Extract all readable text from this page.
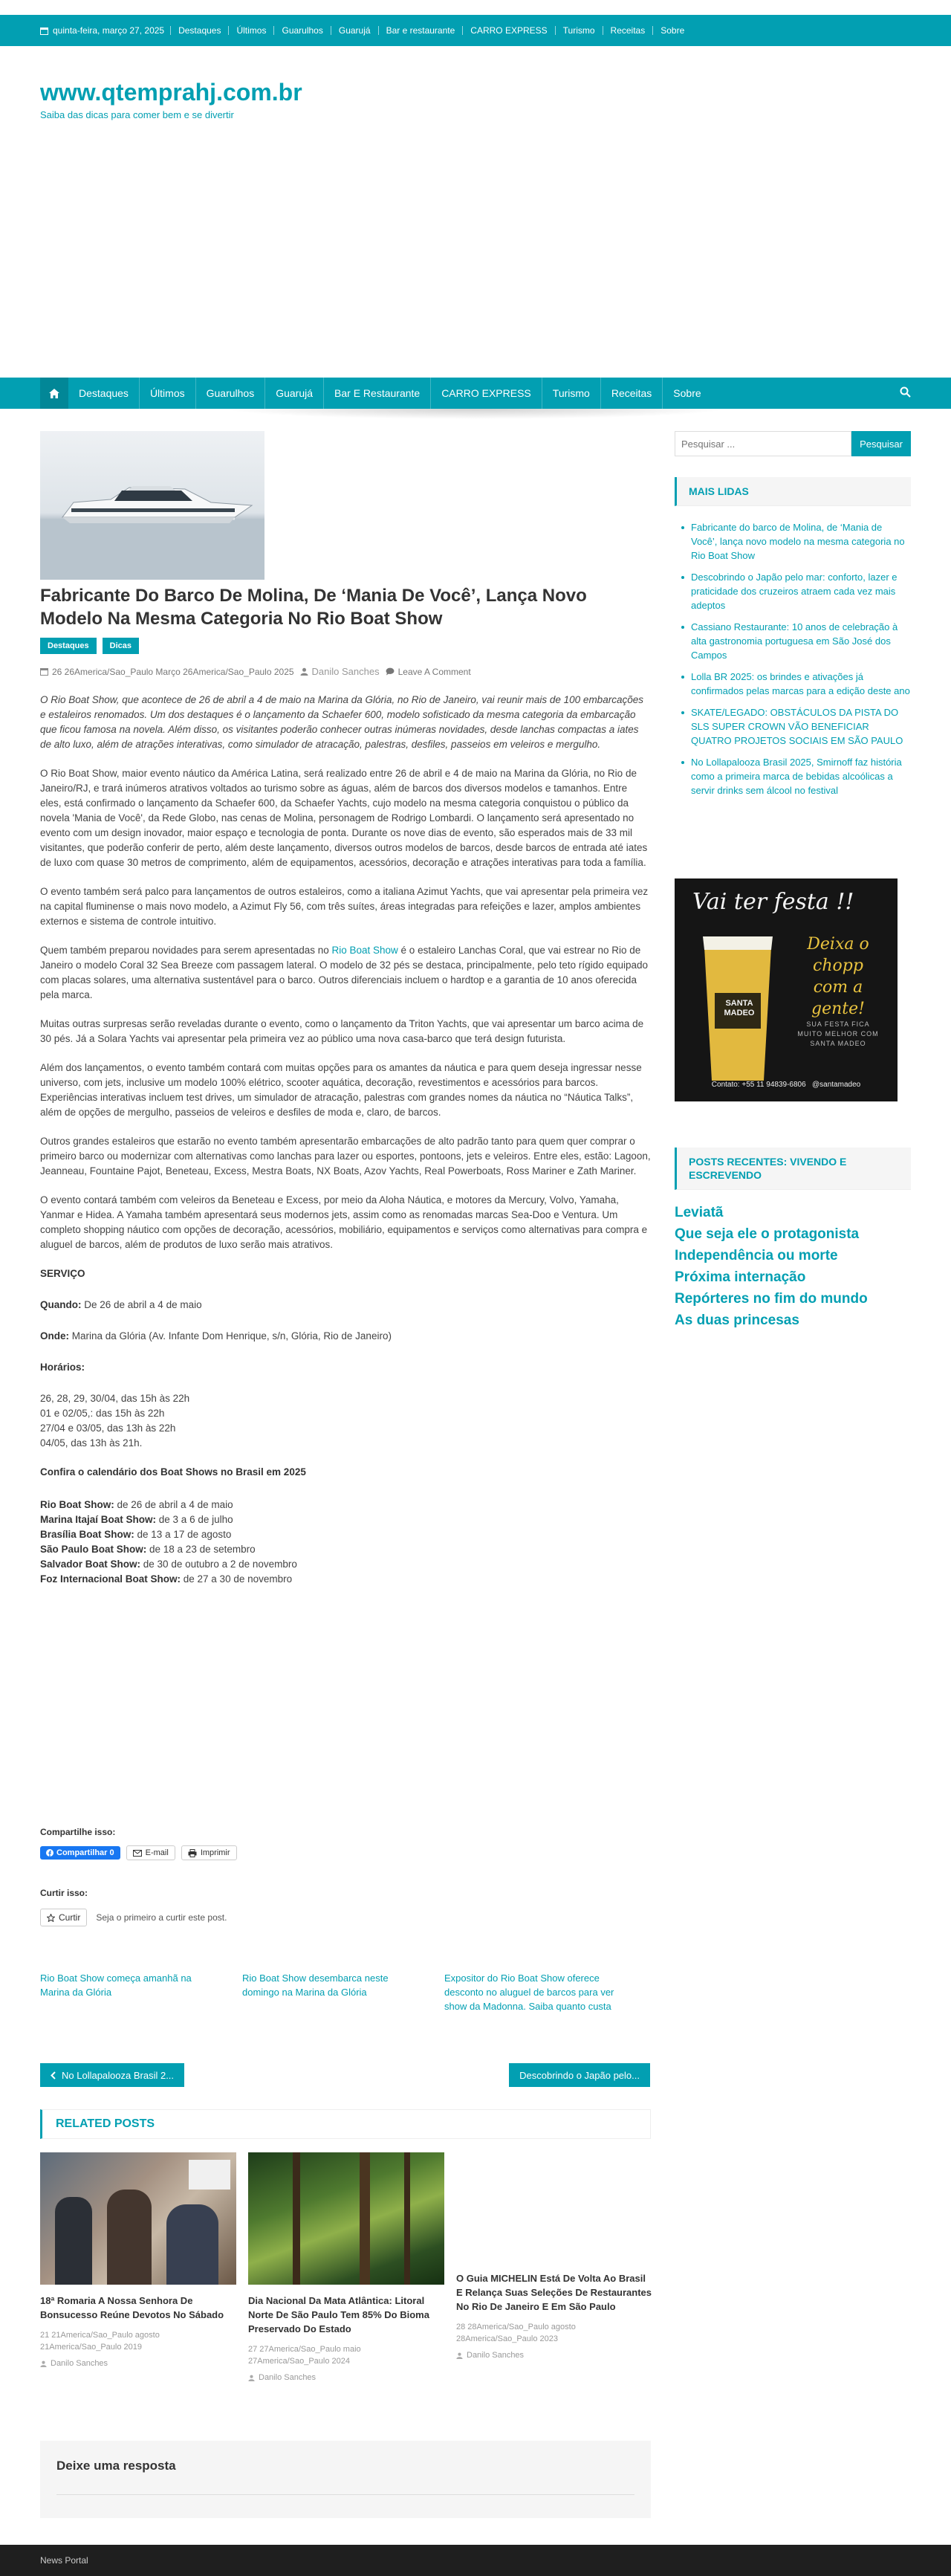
quinta-feira, março 27, 2025	Destaques	Últimos	Guarulhos	Guarujá	Bar e restaurante	CARRO EXPRESS	Turismo	Receitas	Sobre
www.qtemprahj.com.br
Saiba das dicas para comer bem e se divertir
Destaques	Últimos	Guarulhos	Guarujá	Bar E Restaurante	CARRO EXPRESS	Turismo	Receitas	Sobre
Fabricante Do Barco De Molina, De ‘Mania De Você’, Lança Novo Modelo Na Mesma Categoria No Rio Boat Show
Destaques	Dicas
26 26America/Sao_Paulo Março 26America/Sao_Paulo 2025 Danilo Sanches Leave A Comment

O Rio Boat Show, que acontece de 26 de abril a 4 de maio na Marina da Glória, no Rio de Janeiro, vai reunir mais de 100 embarcações e estaleiros renomados. Um dos destaques é o lançamento da Schaefer 600, modelo sofisticado da mesma categoria da embarcação que ficou famosa na novela. Além disso, os visitantes poderão conhecer outras inúmeras novidades, desde lanchas compactas a iates de alto luxo, além de atrações interativas, como simulador de atracação, palestras, desfiles, passeios em veleiros e mergulho.

O Rio Boat Show, maior evento náutico da América Latina, será realizado entre 26 de abril e 4 de maio na Marina da Glória, no Rio de Janeiro/RJ, e trará inúmeros atrativos voltados ao turismo sobre as águas, além de barcos dos diversos modelos e tamanhos. Entre eles, está confirmado o lançamento da Schaefer 600, da Schaefer Yachts, cujo modelo na mesma categoria conquistou o público da novela 'Mania de Você', da Rede Globo, nas cenas de Molina, personagem de Rodrigo Lombardi. O lançamento será apresentado no evento com um design inovador, maior espaço e tecnologia de ponta. Durante os nove dias de evento, são esperados mais de 33 mil visitantes, que poderão conferir de perto, além deste lançamento, diversos outros modelos de barcos, desde barcos de entrada até iates de luxo com quase 30 metros de comprimento, além de equipamentos, acessórios, decoração e atrações interativas para toda a família.

O evento também será palco para lançamentos de outros estaleiros, como a italiana Azimut Yachts, que vai apresentar pela primeira vez na capital fluminense o mais novo modelo, a Azimut Fly 56, com três suítes, áreas integradas para refeições e lazer, amplos ambientes externos e sistema de controle intuitivo.

Quem também preparou novidades para serem apresentadas no Rio Boat Show é o estaleiro Lanchas Coral, que vai estrear no Rio de Janeiro o modelo Coral 32 Sea Breeze com passagem lateral. O modelo de 32 pés se destaca, principalmente, pelo teto rígido equipado com placas solares, uma alternativa sustentável para o barco. Outros diferenciais incluem o hardtop e a garantia de 10 anos oferecida pela marca.

Muitas outras surpresas serão reveladas durante o evento, como o lançamento da Triton Yachts, que vai apresentar um barco acima de 30 pés. Já a Solara Yachts vai apresentar pela primeira vez ao público uma nova casa-barco que terá design futurista.

Além dos lançamentos, o evento também contará com muitas opções para os amantes da náutica e para quem deseja ingressar nesse universo, com jets, inclusive um modelo 100% elétrico, scooter aquática, decoração, revestimentos e acessórios para barcos. Experiências interativas incluem test drives, um simulador de atracação, palestras com grandes nomes da náutica no “Náutica Talks”, além de opções de mergulho, passeios de veleiros e desfiles de moda e, claro, de barcos.

Outros grandes estaleiros que estarão no evento também apresentarão embarcações de alto padrão tanto para quem quer comprar o primeiro barco ou modernizar com alternativas como lanchas para lazer ou esportes, pontoons, jets e veleiros. Entre eles, estão: Lagoon, Jeanneau, Fountaine Pajot, Beneteau, Excess, Mestra Boats, NX Boats, Azov Yachts, Real Powerboats, Ross Mariner e Zath Mariner.

O evento contará também com veleiros da Beneteau e Excess, por meio da Aloha Náutica, e motores da Mercury, Volvo, Yamaha, Yanmar e Hidea. A Yamaha também apresentará seus modernos jets, assim como as renomadas marcas Sea-Doo e Ventura. Um completo shopping náutico com opções de decoração, acessórios, mobiliário, equipamentos e serviços como alternativas para compra e aluguel de barcos, além de produtos de luxo serão mais atrativos.

SERVIÇO

Quando: De 26 de abril a 4 de maio

Onde: Marina da Glória (Av. Infante Dom Henrique, s/n, Glória, Rio de Janeiro)

Horários:

26, 28, 29, 30/04, das 15h às 22h
01 e 02/05,: das 15h às 22h
27/04 e 03/05, das 13h às 22h
04/05, das 13h às 21h.

Confira o calendário dos Boat Shows no Brasil em 2025

Rio Boat Show: de 26 de abril a 4 de maio
Marina Itajaí Boat Show: de 3 a 6 de julho
Brasília Boat Show: de 13 a 17 de agosto
São Paulo Boat Show: de 18 a 23 de setembro
Salvador Boat Show: de 30 de outubro a 2 de novembro
Foz Internacional Boat Show: de 27 a 30 de novembro

Compartilhe isso:
Compartilhar 0	E-mail	Imprimir
Curtir isso:
Curtir Seja o primeiro a curtir este post.
Rio Boat Show começa amanhã na Marina da Glória
Rio Boat Show desembarca neste domingo na Marina da Glória
Expositor do Rio Boat Show oferece desconto no aluguel de barcos para ver show da Madonna. Saiba quanto custa
No Lollapalooza Brasil 2...	Descobrindo o Japão pelo...
RELATED POSTS
18ª Romaria A Nossa Senhora De Bonsucesso Reúne Devotos No Sábado
21 21America/Sao_Paulo agosto 21America/Sao_Paulo 2019
Danilo Sanches
Dia Nacional Da Mata Atlântica: Litoral Norte De São Paulo Tem 85% Do Bioma Preservado Do Estado
27 27America/Sao_Paulo maio 27America/Sao_Paulo 2024
Danilo Sanches
O Guia MICHELIN Está De Volta Ao Brasil E Relança Suas Seleções De Restaurantes No Rio De Janeiro E Em São Paulo
28 28America/Sao_Paulo agosto 28America/Sao_Paulo 2023
Danilo Sanches
Deixe uma resposta
News Portal
Pesquisar ...
Pesquisar
MAIS LIDAS
Fabricante do barco de Molina, de ‘Mania de Você’, lança novo modelo na mesma categoria no Rio Boat Show
Descobrindo o Japão pelo mar: conforto, lazer e praticidade dos cruzeiros atraem cada vez mais adeptos
Cassiano Restaurante: 10 anos de celebração à alta gastronomia portuguesa em São José dos Campos
Lolla BR 2025: os brindes e ativações já confirmados pelas marcas para a edição deste ano
SKATE/LEGADO: OBSTÁCULOS DA PISTA DO SLS SUPER CROWN VÃO BENEFICIAR QUATRO PROJETOS SOCIAIS EM SÃO PAULO
No Lollapalooza Brasil 2025, Smirnoff faz história como a primeira marca de bebidas alcoólicas a servir drinks sem álcool no festival
Vai ter festa !!
SANTA MADEO
Deixa o chopp com a gente!
SUA FESTA FICA
MUITO MELHOR COM
SANTA MADEO
Contato: +55 11 94839-6806 @santamadeo
POSTS RECENTES: VIVENDO E ESCREVENDO
Leviatã
Que seja ele o protagonista
Independência ou morte
Próxima internação
Repórteres no fim do mundo
As duas princesas
